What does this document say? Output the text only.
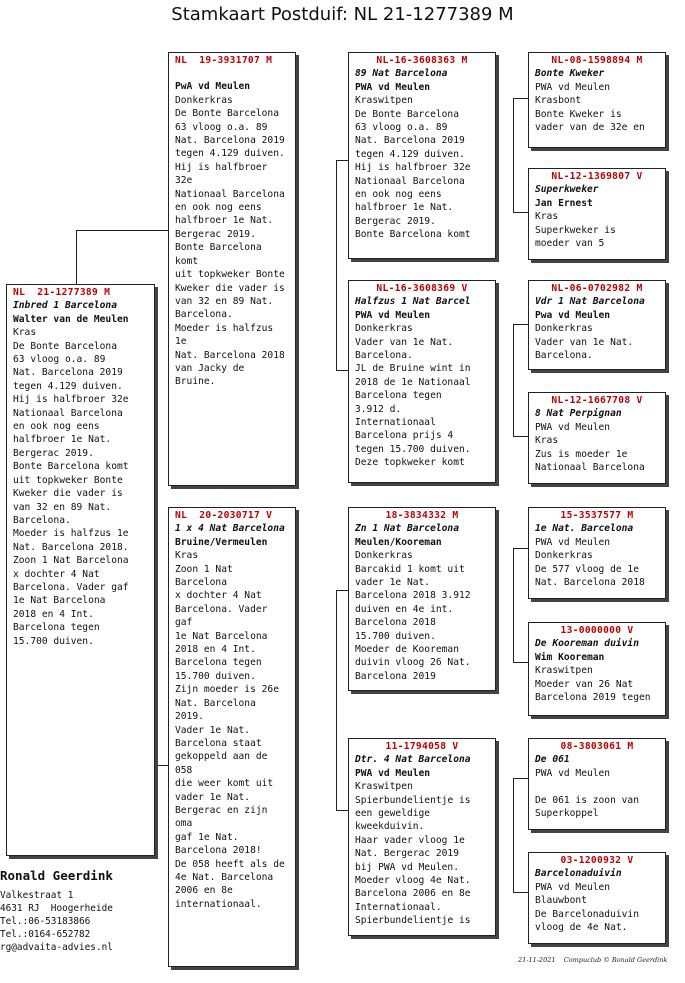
Stamkaart Postduif: NL 21-1277389 M
NL  21-1277389 M
Inbred 1 Barcelona
Walter van de Meulen
Kras
De Bonte Barcelona
63 vloog o.a. 89
Nat. Barcelona 2019
tegen 4.129 duiven.
Hij is halfbroer 32e
Nationaal Barcelona
en ook nog eens
halfbroer 1e Nat.
Bergerac 2019.
Bonte Barcelona komt
uit topkweker Bonte
Kweker die vader is
van 32 en 89 Nat.
Barcelona.
Moeder is halfzus 1e
Nat. Barcelona 2018.
Zoon 1 Nat Barcelona
x dochter 4 Nat
Barcelona. Vader gaf
1e Nat Barcelona
2018 en 4 Int.
Barcelona tegen
15.700 duiven.
NL  19-3931707 M
PwA vd Meulen
Donkerkras
De Bonte Barcelona
63 vloog o.a. 89
Nat. Barcelona 2019
tegen 4.129 duiven.
Hij is halfbroer 32e
Nationaal Barcelona
en ook nog eens
halfbroer 1e Nat.
Bergerac 2019.
Bonte Barcelona komt
uit topkweker Bonte
Kweker die vader is
van 32 en 89 Nat.
Barcelona.
Moeder is halfzus 1e
Nat. Barcelona 2018
van Jacky de Bruine.
NL  20-2030717 V
1 x 4 Nat Barcelona
Bruine/Vermeulen
Kras
Zoon 1 Nat Barcelona
x dochter 4 Nat
Barcelona. Vader gaf
1e Nat Barcelona
2018 en 4 Int.
Barcelona tegen
15.700 duiven.
Zijn moeder is 26e
Nat. Barcelona 2019.
Vader 1e Nat.
Barcelona staat
gekoppeld aan de 058
die weer komt uit
vader 1e Nat.
Bergerac en zijn oma
gaf 1e Nat.
Barcelona 2018!
De 058 heeft als de
4e Nat. Barcelona
2006 en 8e
internationaal.
NL-16-3608363 M
89 Nat Barcelona
PWA vd Meulen
Kraswitpen
De Bonte Barcelona
63 vloog o.a. 89
Nat. Barcelona 2019
tegen 4.129 duiven.
Hij is halfbroer 32e
Nationaal Barcelona
en ook nog eens
halfbroer 1e Nat.
Bergerac 2019.
Bonte Barcelona komt
NL-16-3608369 V
Halfzus 1 Nat Barcel
PWA vd Meulen
Donkerkras
Vader van 1e Nat.
Barcelona.
JL de Bruine wint in
2018 de 1e Nationaal
Barcelona tegen
3.912 d.
Internationaal
Barcelona prijs 4
tegen 15.700 duiven.
Deze topkweker komt
18-3834332 M
Zn 1 Nat Barcelona
Meulen/Kooreman
Donkerkras
Barcakid 1 komt uit
vader 1e Nat.
Barcelona 2018 3.912
duiven en 4e int.
Barcelona 2018
15.700 duiven.
Moeder de Kooreman
duivin vloog 26 Nat.
Barcelona 2019
11-1794058 V
Dtr. 4 Nat Barcelona
PWA vd Meulen
Kraswitpen
Spierbundelientje is
een geweldige
kweekduivin.
Haar vader vloog 1e
Nat. Bergerac 2019
bij PWA vd Meulen.
Moeder vloog 4e Nat.
Barcelona 2006 en 8e
Internationaal.
Spierbundelientje is
NL-08-1598894 M
Bonte Kweker
PWA vd Meulen
Krasbont
Bonte Kweker is
vader van de 32e en
NL-12-1369807 V
Superkweker
Jan Ernest
Kras
Superkweker is
moeder van 5
NL-06-0702982 M
Vdr 1 Nat Barcelona
Pwa vd Meulen
Donkerkras
Vader van 1e Nat.
Barcelona.
NL-12-1667708 V
8 Nat Perpignan
PWA vd Meulen
Kras
Zus is moeder 1e
Nationaal Barcelona
15-3537577 M
1e Nat. Barcelona
PWA vd Meulen
Donkerkras
De 577 vloog de 1e
Nat. Barcelona 2018
13-0000000 V
De Kooreman duivin
Wim Kooreman
Kraswitpen
Moeder van 26 Nat
Barcelona 2019 tegen
08-3803061 M
De 061
PWA vd Meulen

De 061 is zoon van
Superkoppel
03-1200932 V
Barcelonaduivin
PWA vd Meulen
Blauwbont
De Barcelonaduivin
vloog de 4e Nat.
Ronald Geerdink
Valkestraat 1
4631 RJ  Hoogerheide
Tel.:06-53183866
Tel.:0164-652782
rg@advaita-advies.nl
21-11-2021    Compuclub © Ronald Geerdink
